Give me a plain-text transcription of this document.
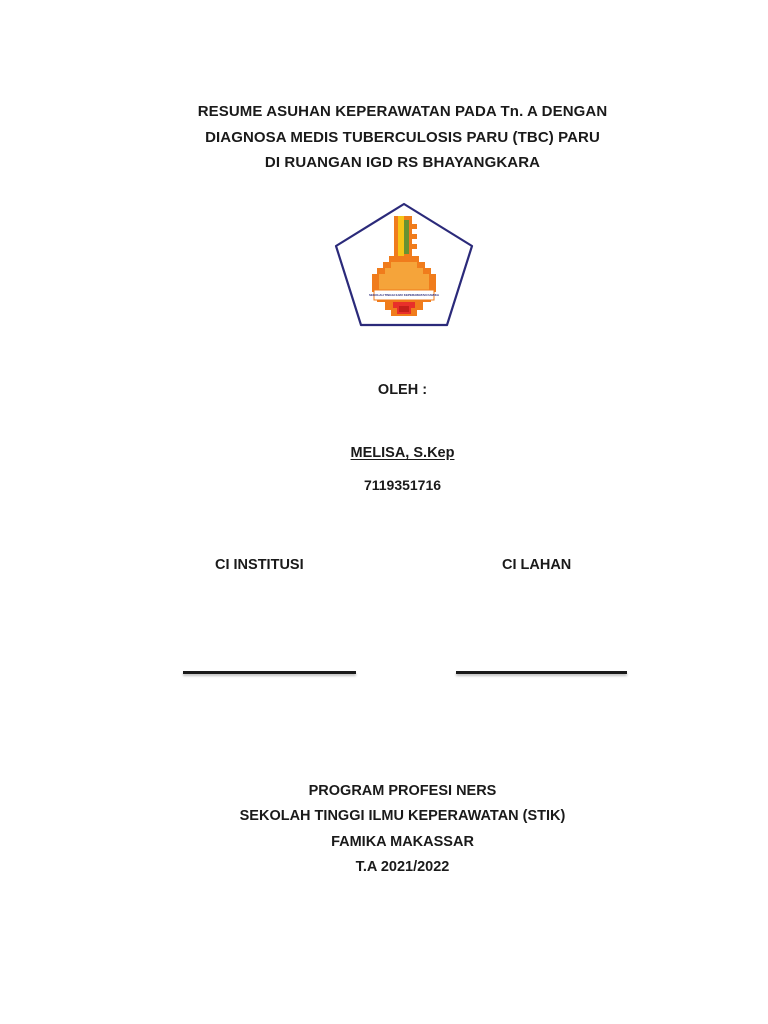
RESUME ASUHAN KEPERAWATAN PADA Tn. A DENGAN
DIAGNOSA MEDIS TUBERCULOSIS PARU (TBC) PARU
DI RUANGAN IGD RS BHAYANGKARA
SEKOLAH TINGGI ILMU KEPERAWATAN FAMIKA
OLEH :
MELISA, S.Kep
7119351716
CI INSTITUSI	CI LAHAN
PROGRAM PROFESI NERS
SEKOLAH TINGGI ILMU KEPERAWATAN (STIK)
FAMIKA MAKASSAR
T.A 2021/2022
